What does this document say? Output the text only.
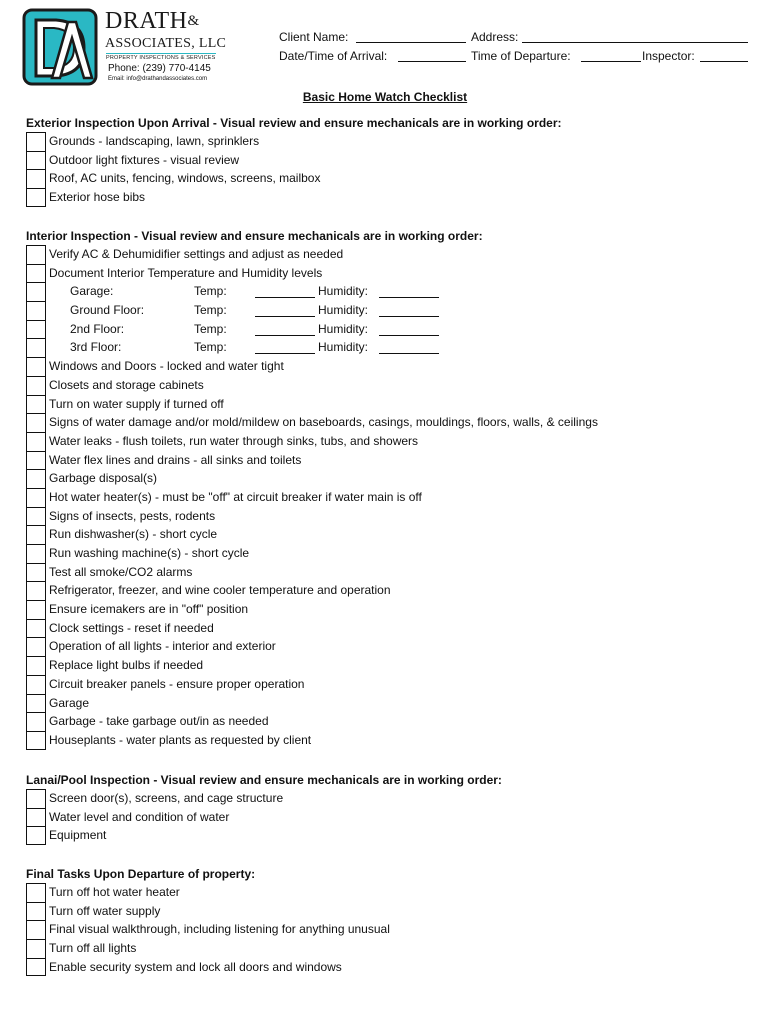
DRATH&
ASSOCIATES, LLC
PROPERTY INSPECTIONS & SERVICES
Phone: (239) 770-4145
Email: info@drathandassociates.com
Client Name:	Address:
Date/Time of Arrival:	Time of Departure:	Inspector:
Basic Home Watch Checklist
Exterior Inspection Upon Arrival - Visual review and ensure mechanicals are in working order:
Grounds - landscaping, lawn, sprinklers
Outdoor light fixtures - visual review
Roof, AC units, fencing, windows, screens, mailbox
Exterior hose bibs
Interior Inspection - Visual review and ensure mechanicals are in working order:
Verify AC & Dehumidifier settings and adjust as needed
Document Interior Temperature and Humidity levels
Garage:	Temp:	Humidity:
Ground Floor:	Temp:	Humidity:
2nd Floor:	Temp:	Humidity:
3rd Floor:	Temp:	Humidity:
Windows and Doors - locked and water tight
Closets and storage cabinets
Turn on water supply if turned off
Signs of water damage and/or mold/mildew on baseboards, casings, mouldings, floors, walls, & ceilings
Water leaks - flush toilets, run water through sinks, tubs, and showers
Water flex lines and drains - all sinks and toilets
Garbage disposal(s)
Hot water heater(s) - must be "off" at circuit breaker if water main is off
Signs of insects, pests, rodents
Run dishwasher(s) - short cycle
Run washing machine(s) - short cycle
Test all smoke/CO2 alarms
Refrigerator, freezer, and wine cooler temperature and operation
Ensure icemakers are in "off" position
Clock settings - reset if needed
Operation of all lights - interior and exterior
Replace light bulbs if needed
Circuit breaker panels - ensure proper operation
Garage
Garbage - take garbage out/in as needed
Houseplants - water plants as requested by client
Lanai/Pool Inspection - Visual review and ensure mechanicals are in working order:
Screen door(s), screens, and cage structure
Water level and condition of water
Equipment
Final Tasks Upon Departure of property:
Turn off hot water heater
Turn off water supply
Final visual walkthrough, including listening for anything unusual
Turn off all lights
Enable security system and lock all doors and windows
